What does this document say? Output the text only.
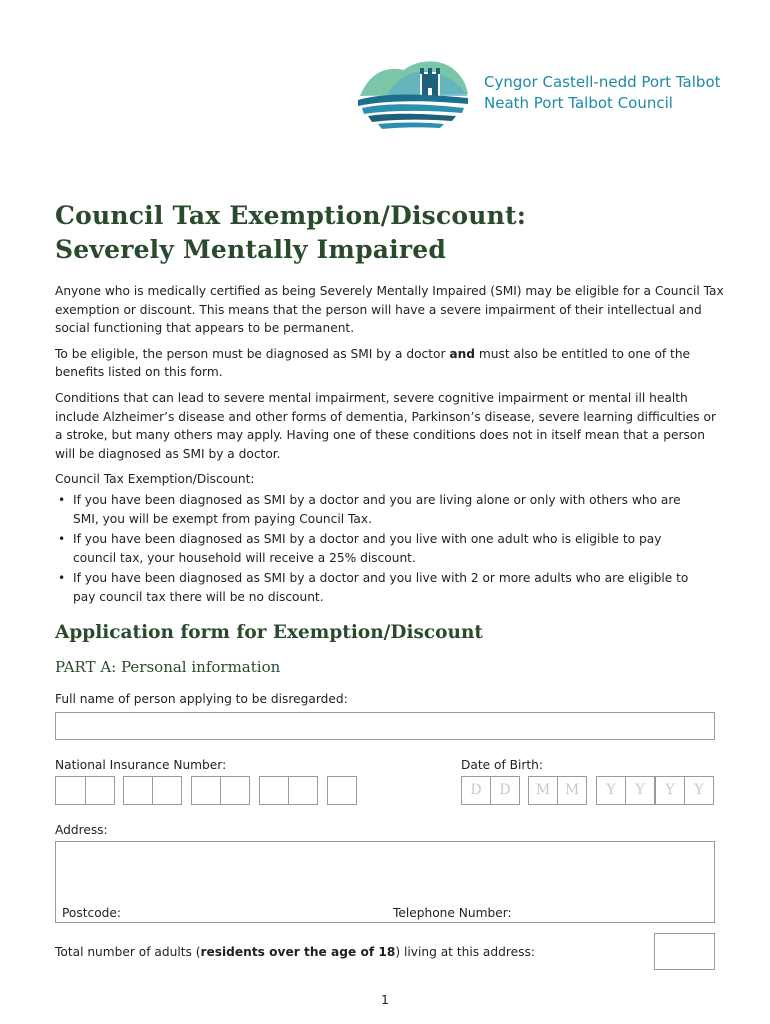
Cyngor Castell-nedd Port Talbot
Neath Port Talbot Council
Council Tax Exemption/Discount:
Severely Mentally Impaired

Anyone who is medically certified as being Severely Mentally Impaired (SMI) may be eligible for a Council Tax exemption or discount. This means that the person will have a severe impairment of their intellectual and social functioning that appears to be permanent.

To be eligible, the person must be diagnosed as SMI by a doctor and must also be entitled to one of the benefits listed on this form.

Conditions that can lead to severe mental impairment, severe cognitive impairment or mental ill health include Alzheimer’s disease and other forms of dementia, Parkinson’s disease, severe learning difficulties or a stroke, but many others may apply. Having one of these conditions does not in itself mean that a person will be diagnosed as SMI by a doctor.

Council Tax Exemption/Discount:

• If you have been diagnosed as SMI by a doctor and you are living alone or only with others who are SMI, you will be exempt from paying Council Tax.
• If you have been diagnosed as SMI by a doctor and you live with one adult who is eligible to pay council tax, your household will receive a 25% discount.
• If you have been diagnosed as SMI by a doctor and you live with 2 or more adults who are eligible to pay council tax there will be no discount.
Application form for Exemption/Discount
PART A: Personal information
Full name of person applying to be disregarded:
National Insurance Number:	Date of Birth:
D	D	M	M	Y	Y	Y	Y
Address:
Postcode:	Telephone Number:
Total number of adults (residents over the age of 18) living at this address:
1
